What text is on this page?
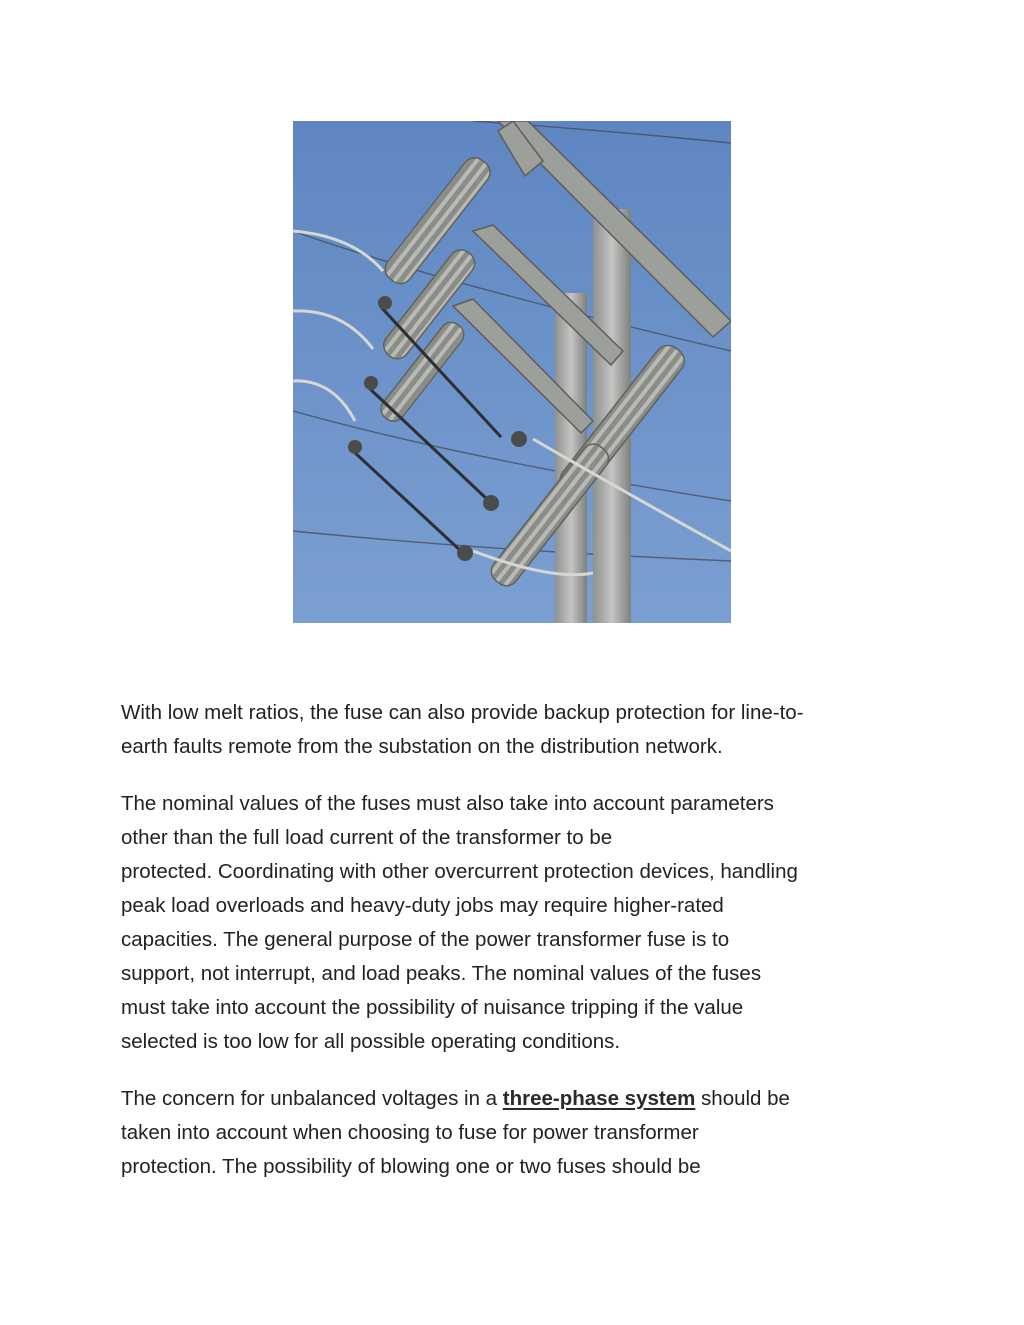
With low melt ratios, the fuse can also provide backup protection for line-to-
earth faults remote from the substation on the distribution network.

The nominal values of the fuses must also take into account parameters
other than the full load current of the transformer to be
protected. Coordinating with other overcurrent protection devices, handling
peak load overloads and heavy-duty jobs may require higher-rated
capacities. The general purpose of the power transformer fuse is to
support, not interrupt, and load peaks. The nominal values of the fuses
must take into account the possibility of nuisance tripping if the value
selected is too low for all possible operating conditions.

The concern for unbalanced voltages in a three-phase system should be
taken into account when choosing to fuse for power transformer
protection. The possibility of blowing one or two fuses should be
